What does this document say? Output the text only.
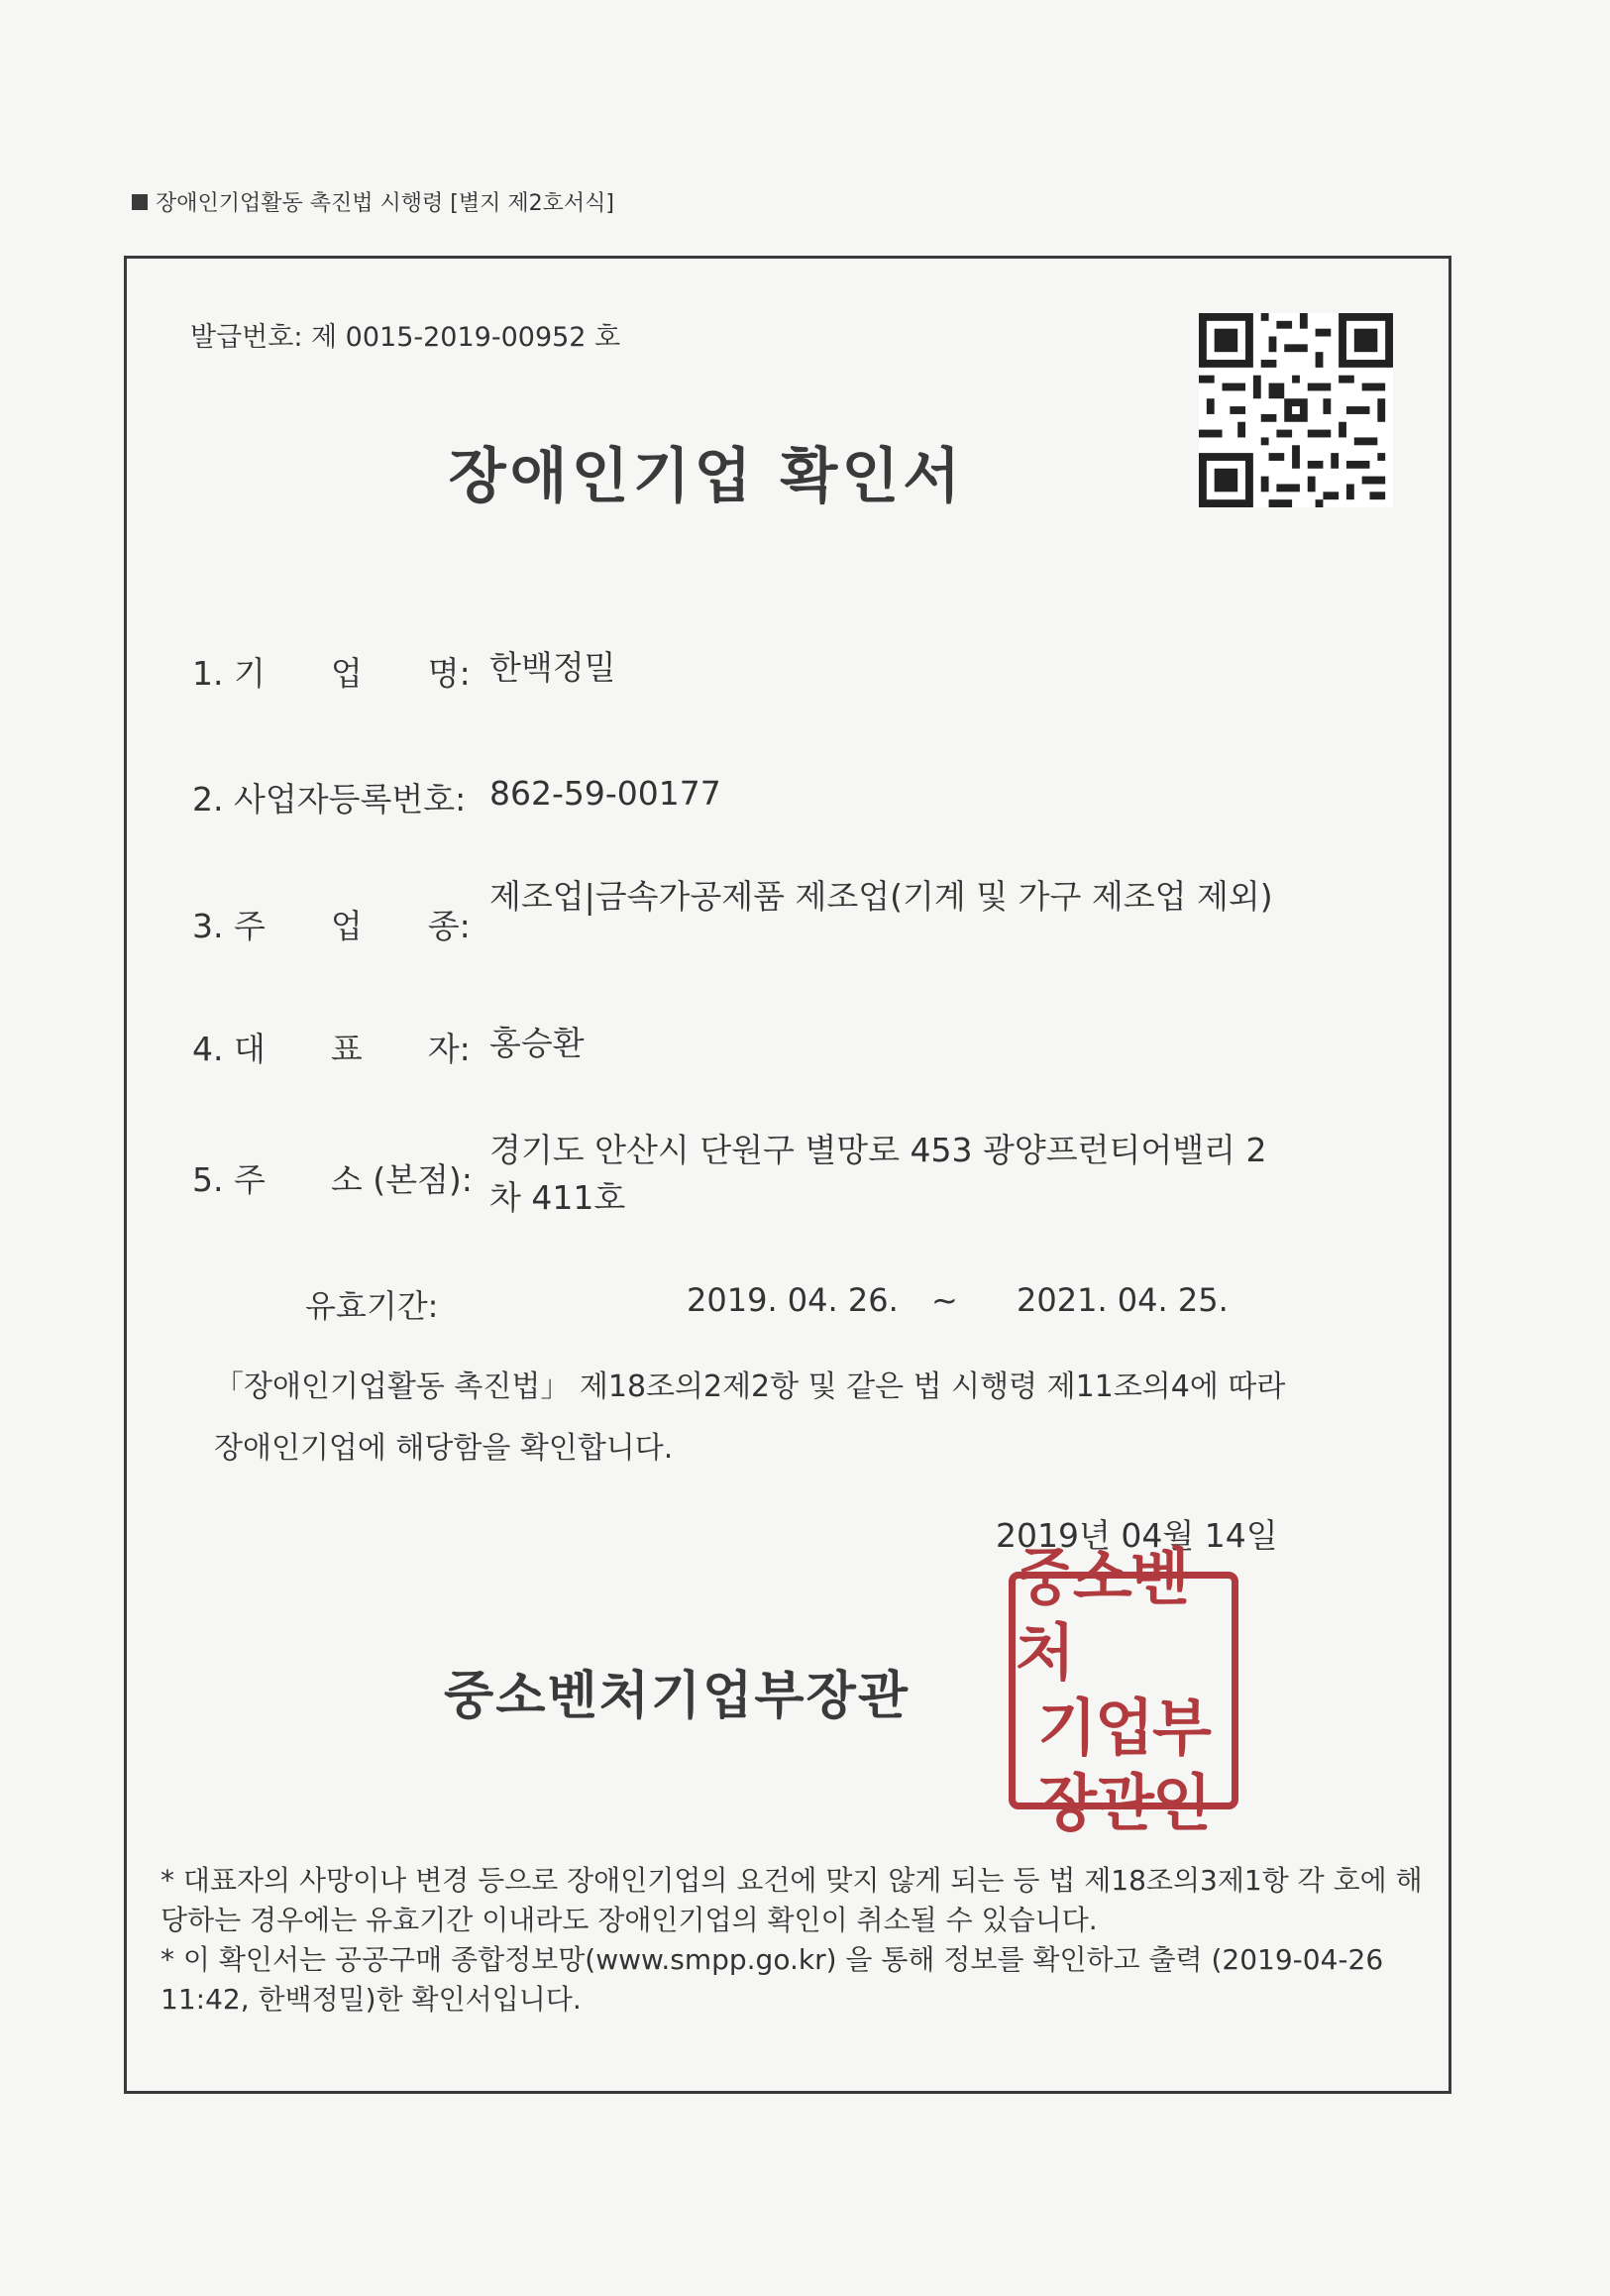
장애인기업활동 촉진법 시행령 [별지 제2호서식]
발급번호: 제 0015-2019-00952 호
장애인기업 확인서
1. 기　　업　　명: 한백정밀
2. 사업자등록번호: 862-59-00177
3. 주　　업　　종:
제조업|금속가공제품 제조업(기계 및 가구 제조업 제외)
4. 대　　표　　자: 홍승환
5. 주　　소 (본점):
경기도 안산시 단원구 별망로 453 광양프런티어밸리 2차 411호
유효기간:	2019. 04. 26. ~ 2021. 04. 25.
「장애인기업활동 촉진법」 제18조의2제2항 및 같은 법 시행령 제11조의4에 따라
장애인기업에 해당함을 확인합니다.
2019년 04월 14일
중소벤처기업부장관
중소벤처
기업부
장관인

* 대표자의 사망이나 변경 등으로 장애인기업의 요건에 맞지 않게 되는 등 법 제18조의3제1항 각 호에 해당하는 경우에는 유효기간 이내라도 장애인기업의 확인이 취소될 수 있습니다.

* 이 확인서는 공공구매 종합정보망(www.smpp.go.kr) 을 통해 정보를 확인하고 출력 (2019-04-26 11:42, 한백정밀)한 확인서입니다.
